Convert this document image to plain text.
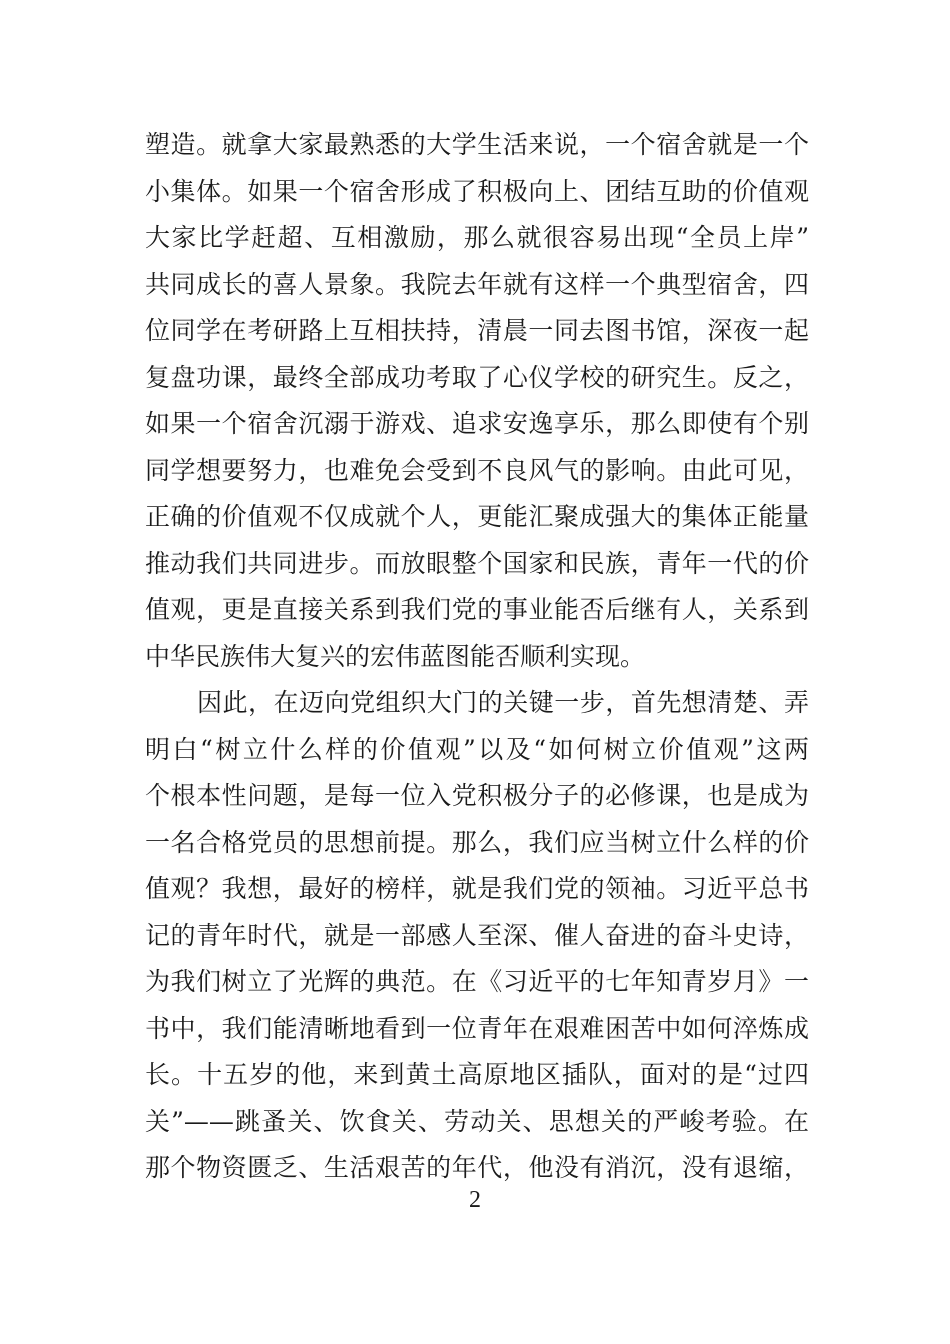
塑造。就拿大家最熟悉的大学生活来说，一个宿舍就是一个
小集体。如果一个宿舍形成了积极向上、团结互助的价值观
大家比学赶超、互相激励，那么就很容易出现“全员上岸”
共同成长的喜人景象。我院去年就有这样一个典型宿舍，四
位同学在考研路上互相扶持，清晨一同去图书馆，深夜一起
复盘功课，最终全部成功考取了心仪学校的研究生。反之，
如果一个宿舍沉溺于游戏、追求安逸享乐，那么即使有个别
同学想要努力，也难免会受到不良风气的影响。由此可见，
正确的价值观不仅成就个人，更能汇聚成强大的集体正能量
推动我们共同进步。而放眼整个国家和民族，青年一代的价
值观，更是直接关系到我们党的事业能否后继有人，关系到
中华民族伟大复兴的宏伟蓝图能否顺利实现。
因此，在迈向党组织大门的关键一步，首先想清楚、弄
明白“树立什么样的价值观”以及“如何树立价值观”这两
个根本性问题，是每一位入党积极分子的必修课，也是成为
一名合格党员的思想前提。那么，我们应当树立什么样的价
值观？我想，最好的榜样，就是我们党的领袖。习近平总书
记的青年时代，就是一部感人至深、催人奋进的奋斗史诗，
为我们树立了光辉的典范。在《习近平的七年知青岁月》一
书中，我们能清晰地看到一位青年在艰难困苦中如何淬炼成
长。十五岁的他，来到黄土高原地区插队，面对的是“过四
关”——跳蚤关、饮食关、劳动关、思想关的严峻考验。在
那个物资匮乏、生活艰苦的年代，他没有消沉，没有退缩，
2
